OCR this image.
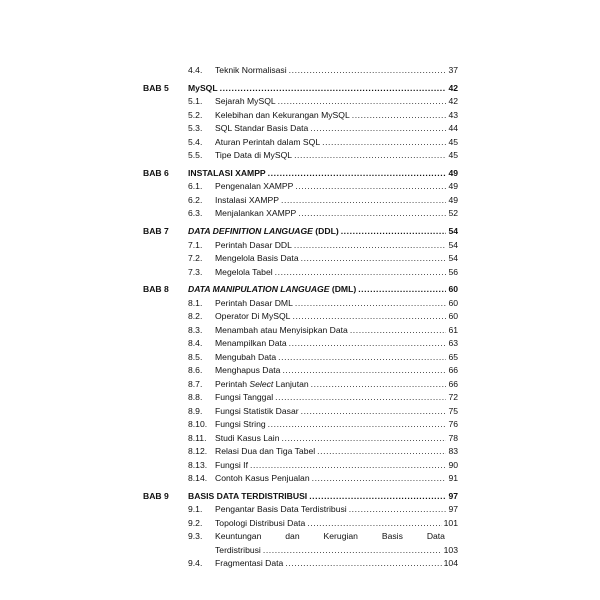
4.4. Teknik Normalisasi . . .	37
BAB 5 MySQL . . .	42
5.1. Sejarah MySQL . . .	42
5.2. Kelebihan dan Kekurangan MySQL . . .	43
5.3. SQL Standar Basis Data . . .	44
5.4. Aturan Perintah dalam SQL . . .	45
5.5. Tipe Data di MySQL . . .	45
BAB 6 INSTALASI XAMPP . . .	49
6.1. Pengenalan XAMPP . . .	49
6.2. Instalasi XAMPP . . .	49
6.3. Menjalankan XAMPP . . .	52
BAB 7 DATA DEFINITION LANGUAGE (DDL) . . .	54
7.1. Perintah Dasar DDL . . .	54
7.2. Mengelola Basis Data . . .	54
7.3. Megelola Tabel . . .	56
BAB 8 DATA MANIPULATION LANGUAGE (DML) . . .	60
8.1. Perintah Dasar DML . . .	60
8.2. Operator Di MySQL . . .	60
8.3. Menambah atau Menyisipkan Data . . .	61
8.4. Menampilkan Data . . .	63
8.5. Mengubah Data . . .	65
8.6. Menghapus Data . . .	66
8.7. Perintah Select Lanjutan . . .	66
8.8. Fungsi Tanggal . . .	72
8.9. Fungsi Statistik Dasar . . .	75
8.10. Fungsi String . . .	76
8.11. Studi Kasus Lain . . .	78
8.12. Relasi Dua dan Tiga Tabel . . .	83
8.13. Fungsi If . . .	90
8.14. Contoh Kasus Penjualan . . .	91
BAB 9 BASIS DATA TERDISTRIBUSI . . .	97
9.1. Pengantar Basis Data Terdistribusi . . .	97
9.2. Topologi Distribusi Data . . .	101
9.3. Keuntungan	dan	Kerugian	Basis	Data
Terdistribusi . . .	103
9.4. Fragmentasi Data . . .	104
